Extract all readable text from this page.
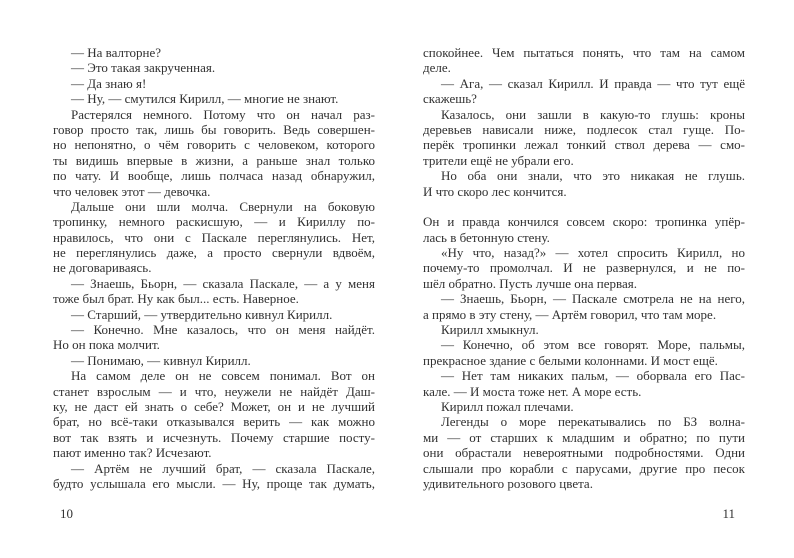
— На валторне?
— Это такая закрученная.
— Да знаю я!
— Ну, — смутился Кирилл, — многие не знают.
Растерялся немного. Потому что он начал раз-
говор просто так, лишь бы говорить. Ведь совершен-
но непонятно, о чём говорить с человеком, которого
ты видишь впервые в жизни, а раньше знал только
по чату. И вообще, лишь полчаса назад обнаружил,
что человек этот — девочка.
Дальше они шли молча. Свернули на боковую
тропинку, немного раскисшую, — и Кириллу по-
нравилось, что они с Паскале переглянулись. Нет,
не переглянулись даже, а просто свернули вдвоём,
не договариваясь.
— Знаешь, Бьорн, — сказала Паскале, — а у меня
тоже был брат. Ну как был... есть. Наверное.
— Старший, — утвердительно кивнул Кирилл.
— Конечно. Мне казалось, что он меня найдёт.
Но он пока молчит.
— Понимаю, — кивнул Кирилл.
На самом деле он не совсем понимал. Вот он
станет взрослым — и что, неужели не найдёт Даш-
ку, не даст ей знать о себе? Может, он и не лучший
брат, но всё-таки отказывался верить — как можно
вот так взять и исчезнуть. Почему старшие посту-
пают именно так? Исчезают.
— Артём не лучший брат, — сказала Паскале,
будто услышала его мысли. — Ну, проще так думать,
10
спокойнее. Чем пытаться понять, что там на самом
деле.
— Ага, — сказал Кирилл. И правда — что тут ещё
скажешь?
Казалось, они зашли в какую-то глушь: кроны
деревьев нависали ниже, подлесок стал гуще. По-
перёк тропинки лежал тонкий ствол дерева — смо-
трители ещё не убрали его.
Но оба они знали, что это никакая не глушь.
И что скоро лес кончится.
Он и правда кончился совсем скоро: тропинка упёр-
лась в бетонную стену.
«Ну что, назад?» — хотел спросить Кирилл, но
почему-то промолчал. И не развернулся, и не по-
шёл обратно. Пусть лучше она первая.
— Знаешь, Бьорн, — Паскале смотрела не на него,
а прямо в эту стену, — Артём говорил, что там море.
Кирилл хмыкнул.
— Конечно, об этом все говорят. Море, пальмы,
прекрасное здание с белыми колоннами. И мост ещё.
— Нет там никаких пальм, — оборвала его Пас-
кале. — И моста тоже нет. А море есть.
Кирилл пожал плечами.
Легенды о море перекатывались по БЗ волна-
ми — от старших к младшим и обратно; по пути
они обрастали невероятными подробностями. Одни
слышали про корабли с парусами, другие про песок
удивительного розового цвета.
11
